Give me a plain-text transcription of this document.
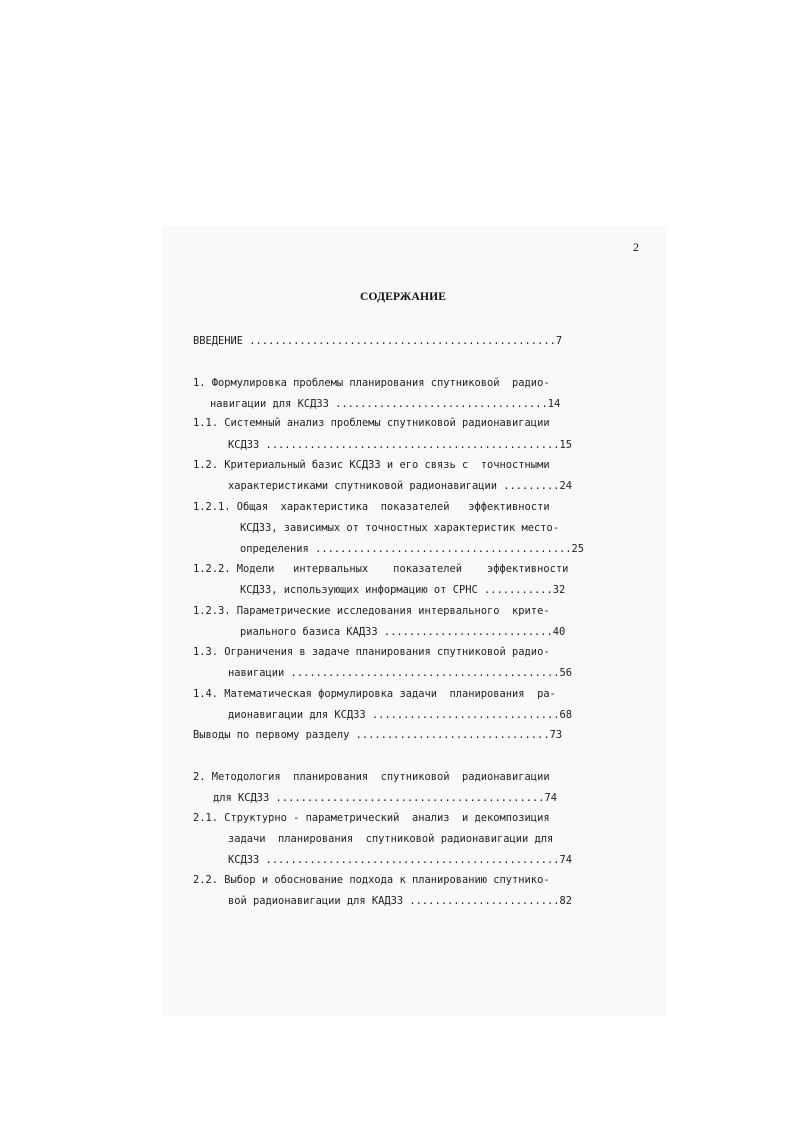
2
СОДЕРЖАНИЕ
ВВЕДЕНИЕ .................................................7
1. Формулировка проблемы планирования спутниковой  радио-
навигации для КСДЗЗ ..................................14
1.1. Системный анализ проблемы спутниковой радионавигации
КСДЗЗ ...............................................15
1.2. Критериальный базис КСДЗЗ и его связь с  точностными
характеристиками спутниковой радионавигации .........24
1.2.1. Общая  характеристика  показателей   эффективности
КСДЗЗ, зависимых от точностных характеристик место-
определения .........................................25
1.2.2. Модели   интервальных    показателей    эффективности
КСДЗЗ, использующих информацию от СРНС ...........32
1.2.3. Параметрические исследования интервального  крите-
риального базиса КАДЗЗ ...........................40
1.3. Ограничения в задаче планирования спутниковой радио-
навигации ...........................................56
1.4. Математическая формулировка задачи  планирования  ра-
дионавигации для КСДЗЗ ..............................68
Выводы по первому разделу ...............................73
2. Методология  планирования  спутниковой  радионавигации
для КСДЗЗ ...........................................74
2.1. Структурно - параметрический  анализ  и декомпозиция
задачи  планирования  спутниковой радионавигации для
КСДЗЗ ...............................................74
2.2. Выбор и обоснование подхода к планированию спутнико-
вой радионавигации для КАДЗЗ ........................82
